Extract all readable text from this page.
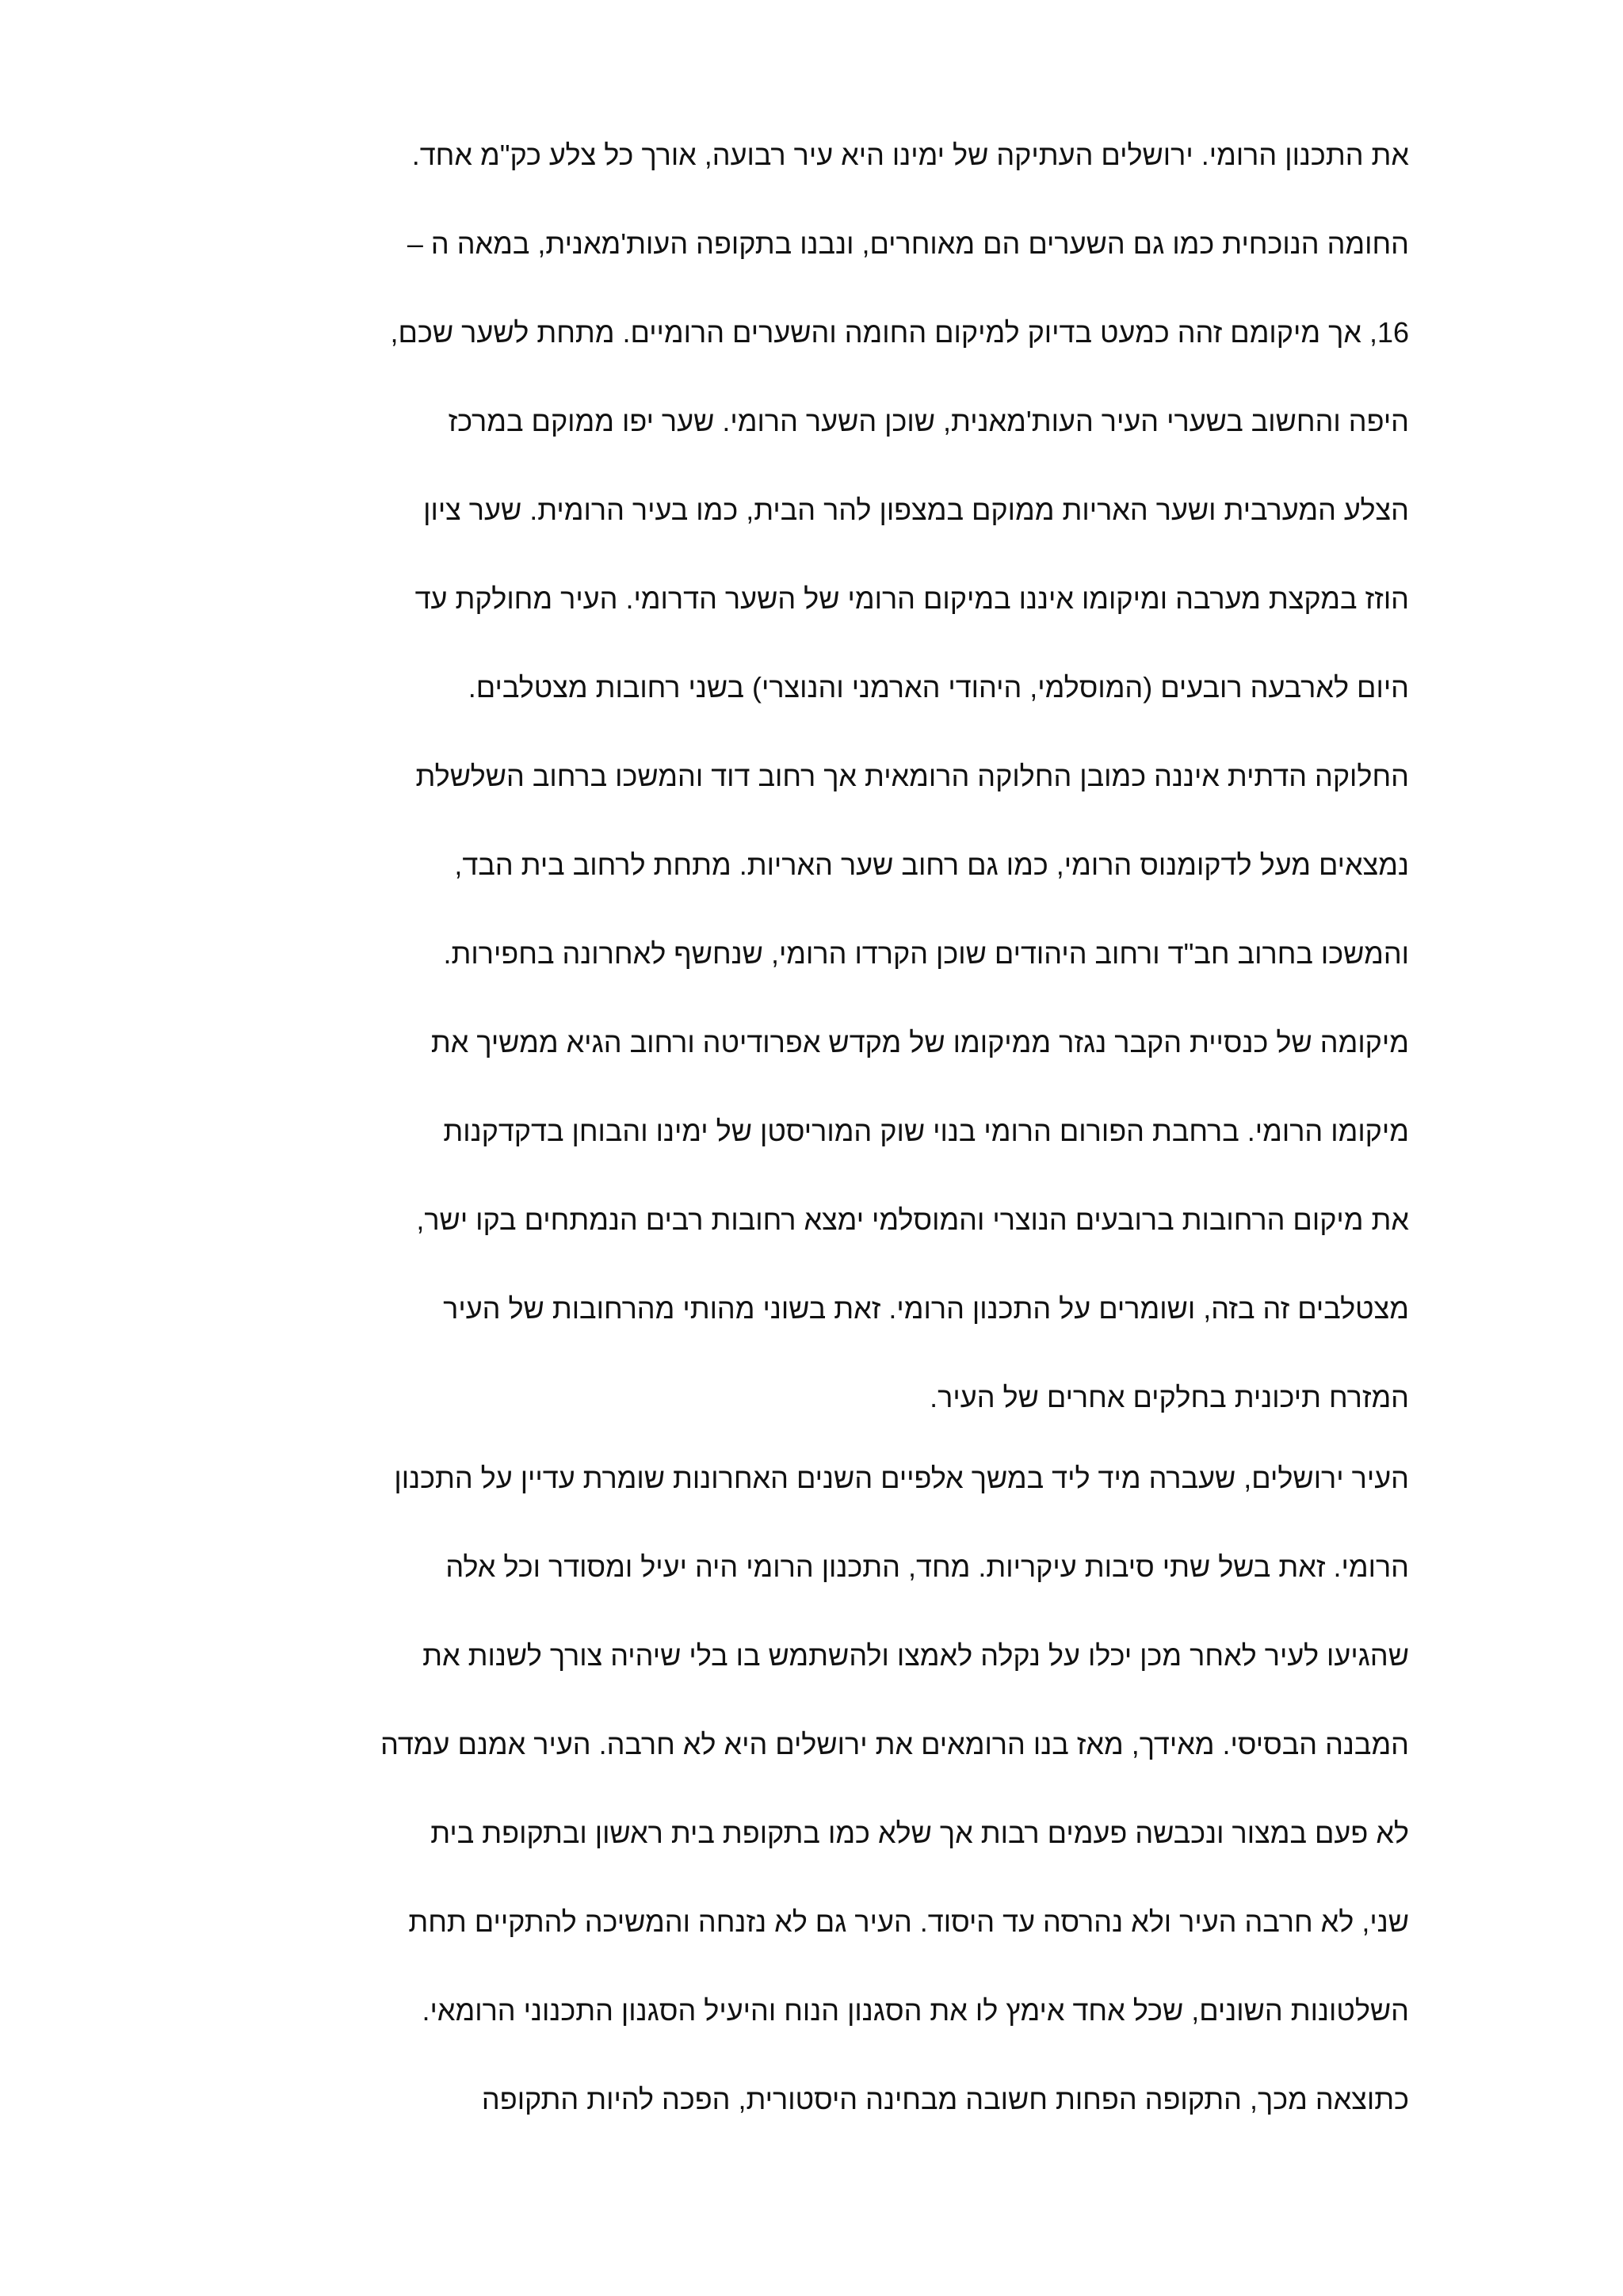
את התכנון הרומי. ירושלים העתיקה של ימינו היא עיר רבועה, אורך כל צלע כק"מ אחד.
החומה הנוכחית כמו גם השערים הם מאוחרים, ונבנו בתקופה העות'מאנית, במאה ה –
16, אך מיקומם זהה כמעט בדיוק למיקום החומה והשערים הרומיים. מתחת לשער שכם,
היפה והחשוב בשערי העיר העות'מאנית, שוכן השער הרומי. שער יפו ממוקם במרכז
הצלע המערבית ושער האריות ממוקם במצפון להר הבית, כמו בעיר הרומית. שער ציון
הוזז במקצת מערבה ומיקומו איננו במיקום הרומי של השער הדרומי. העיר מחולקת עד
היום לארבעה רובעים (המוסלמי, היהודי הארמני והנוצרי) בשני רחובות מצטלבים.
החלוקה הדתית איננה כמובן החלוקה הרומאית אך רחוב דוד והמשכו ברחוב השלשלת
נמצאים מעל לדקומנוס הרומי, כמו גם רחוב שער האריות. מתחת לרחוב בית הבד,
והמשכו בחרוב חב"ד ורחוב היהודים שוכן הקרדו הרומי, שנחשף לאחרונה בחפירות.
מיקומה של כנסיית הקבר נגזר ממיקומו של מקדש אפרודיטה ורחוב הגיא ממשיך את
מיקומו הרומי. ברחבת הפורום הרומי בנוי שוק המוריסטן של ימינו והבוחן בדקדקנות
את מיקום הרחובות ברובעים הנוצרי והמוסלמי ימצא רחובות רבים הנמתחים בקו ישר,
מצטלבים זה בזה, ושומרים על התכנון הרומי. זאת בשוני מהותי מהרחובות של העיר
המזרח תיכונית בחלקים אחרים של העיר.
העיר ירושלים, שעברה מיד ליד במשך אלפיים השנים האחרונות שומרת עדיין על התכנון
הרומי. זאת בשל שתי סיבות עיקריות. מחד, התכנון הרומי היה יעיל ומסודר וכל אלה
שהגיעו לעיר לאחר מכן יכלו על נקלה לאמצו ולהשתמש בו בלי שיהיה צורך לשנות את
המבנה הבסיסי. מאידך, מאז בנו הרומאים את ירושלים היא לא חרבה. העיר אמנם עמדה
לא פעם במצור ונכבשה פעמים רבות אך שלא כמו בתקופת בית ראשון ובתקופת בית
שני, לא חרבה העיר ולא נהרסה עד היסוד. העיר גם לא נזנחה והמשיכה להתקיים תחת
השלטונות השונים, שכל אחד אימץ לו את הסגנון הנוח והיעיל הסגנון התכנוני הרומאי.
כתוצאה מכך, התקופה הפחות חשובה מבחינה היסטורית, הפכה להיות התקופה
